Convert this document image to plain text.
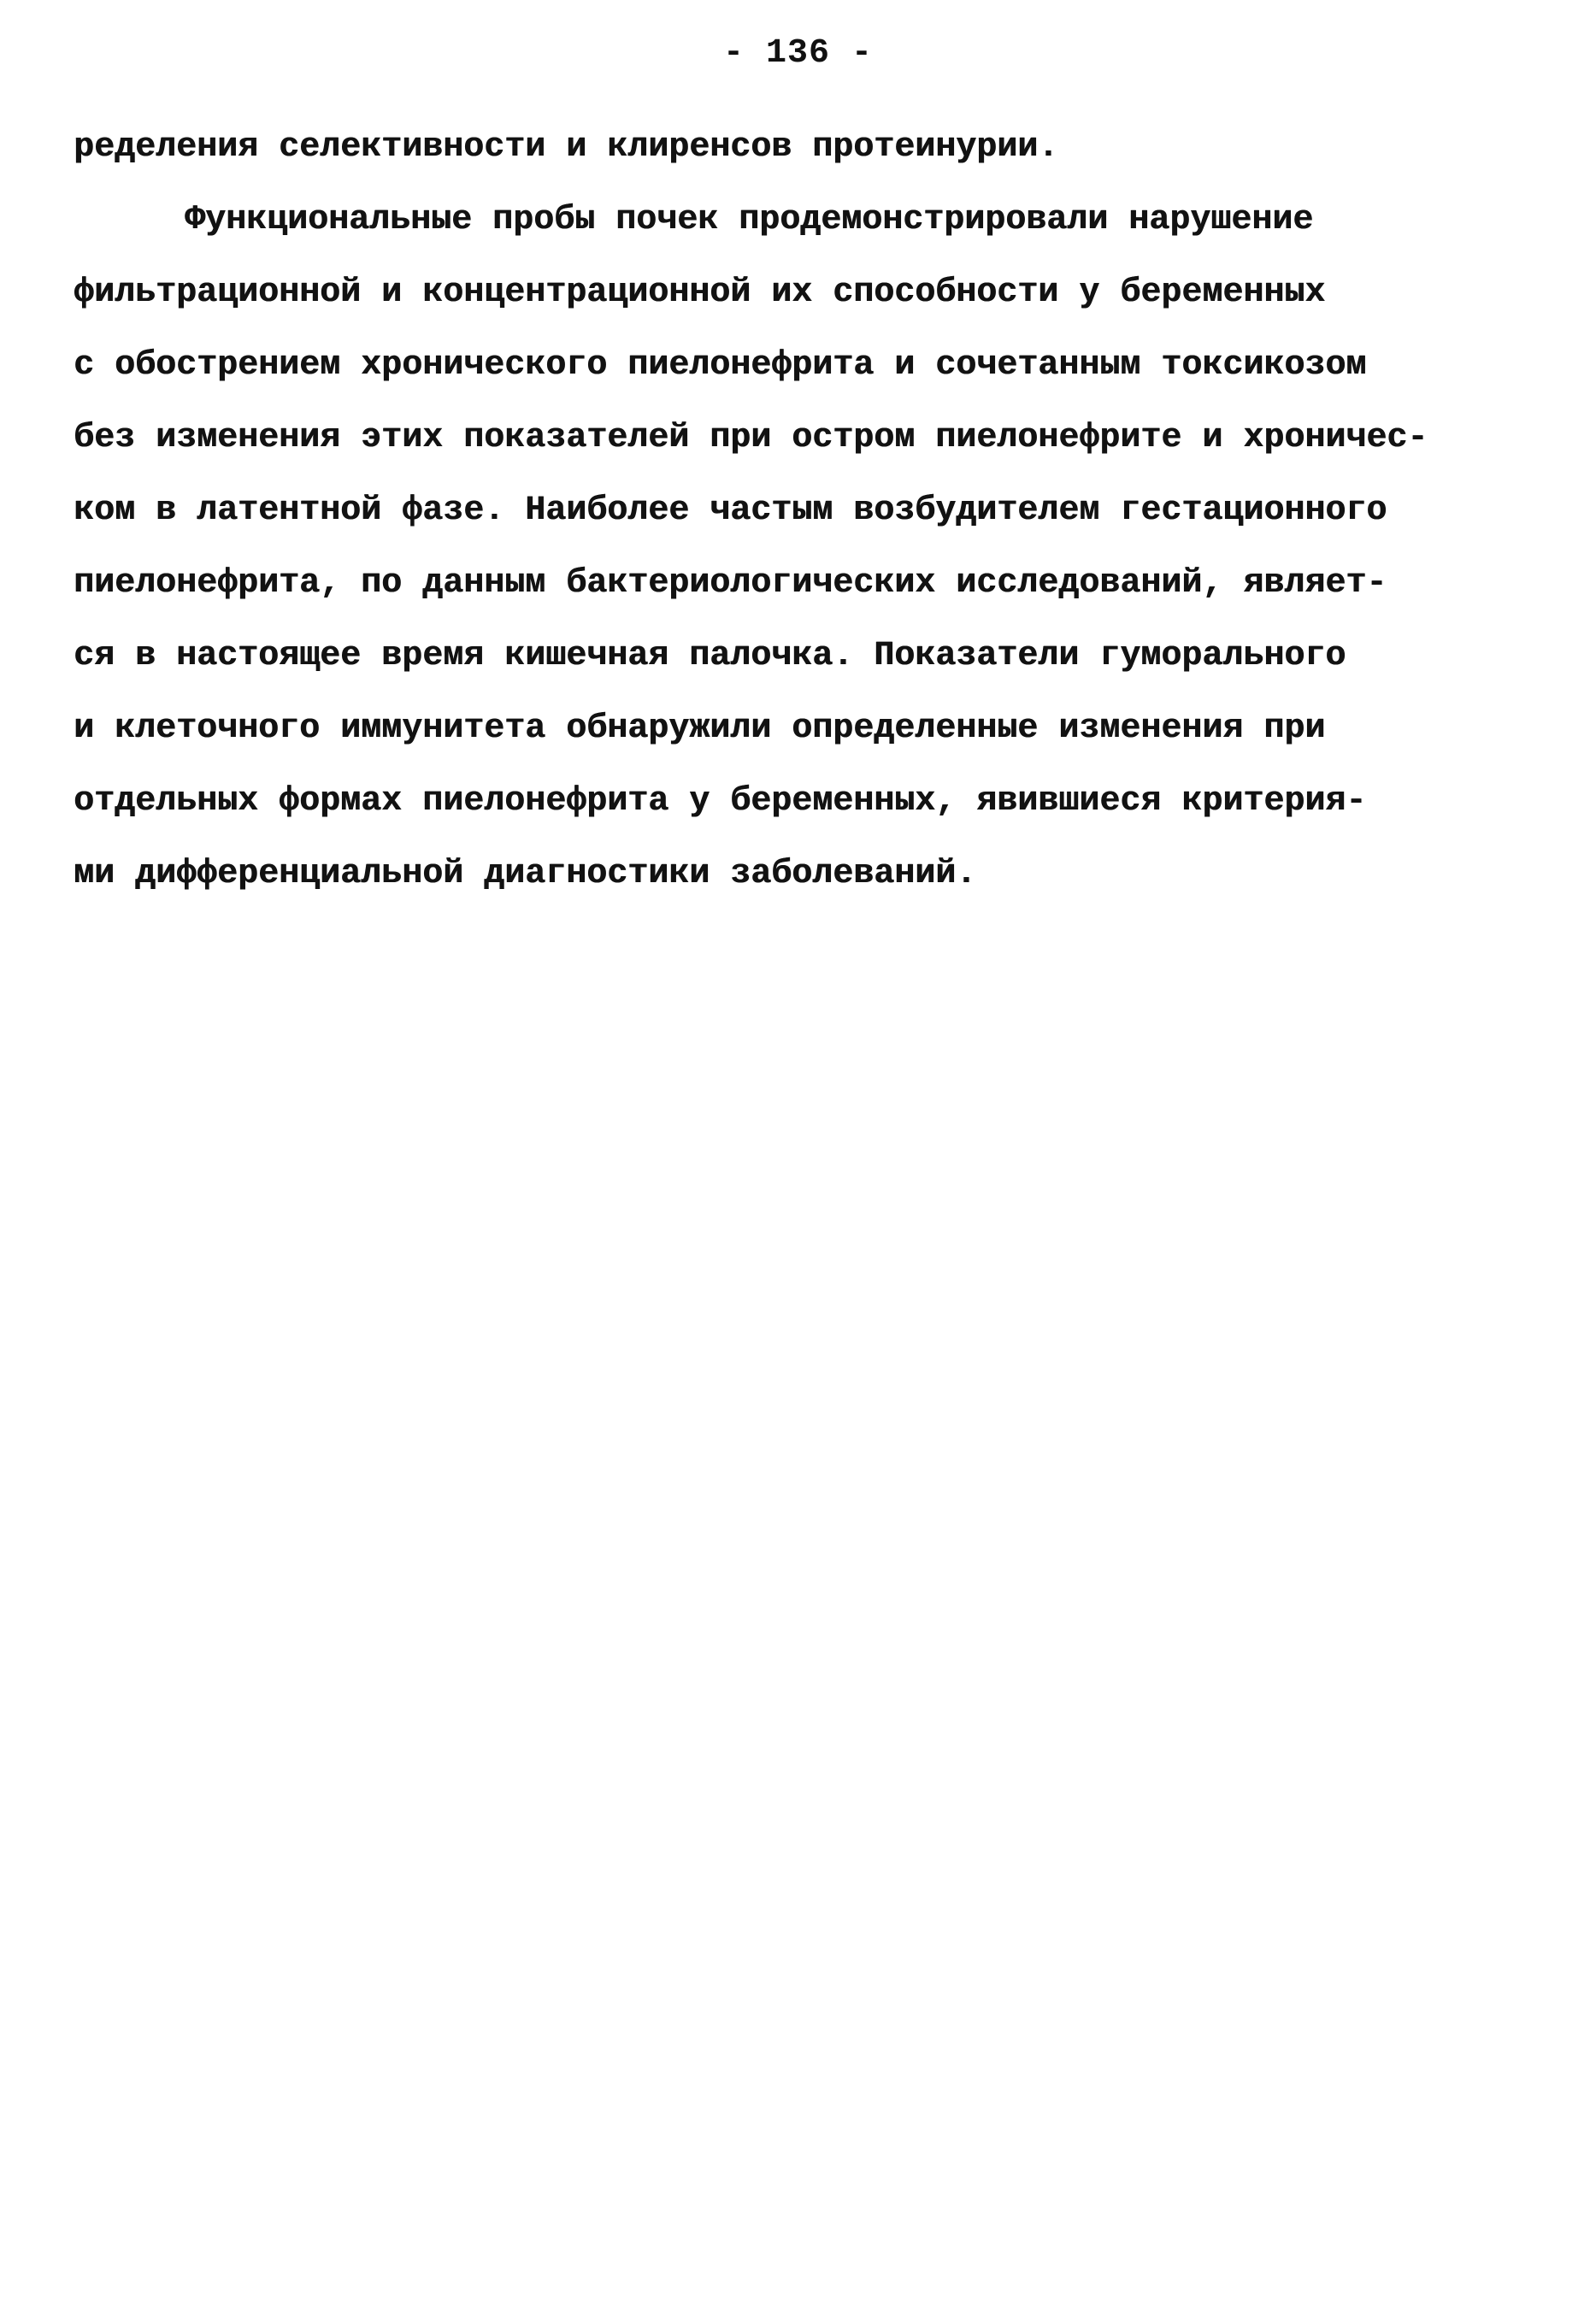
- 136 -
ределения селективности и клиренсов протеинурии.
Функциональные пробы почек продемонстрировали нарушение
фильтрационной и концентрационной их способности у беременных
с обострением хронического пиелонефрита и сочетанным токсикозом
без изменения этих показателей при остром пиелонефрите и хроничес-
ком в латентной фазе. Наиболее частым возбудителем гестационного
пиелонефрита, по данным бактериологических исследований, являет-
ся в настоящее время кишечная палочка. Показатели гуморального
и клеточного иммунитета обнаружили определенные изменения при
отдельных формах пиелонефрита у беременных, явившиеся критерия-
ми дифференциальной диагностики заболеваний.
